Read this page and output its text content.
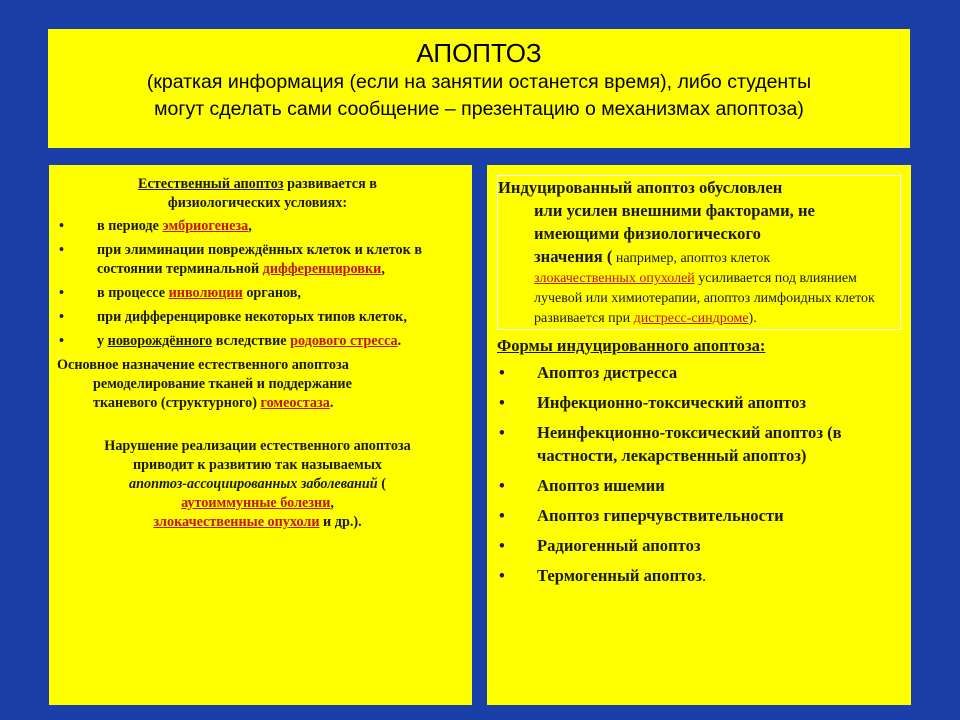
АПОПТОЗ
(краткая информация (если на занятии останется время), либо студенты
могут сделать сами сообщение – презентацию о механизмах апоптоза)

Естественный апоптоз развивается в
физиологических условиях:

•	в периоде эмбриогенеза,
•	при элиминации повреждённых клеток и клеток в состоянии терминальной дифференцировки,
•	в процессе инволюции органов,
•	при дифференцировке некоторых типов клеток,
•	у новорождённого вследствие родового стресса.
Основное назначение естественного апоптоза
ремоделирование тканей и поддержание
тканевого (структурного) гомеостаза.
Нарушение реализации естественного апоптоза
приводит к развитию так называемых
апоптоз-ассоциированных заболеваний (
аутоиммунные болезни,
злокачественные опухоли и др.).
Индуцированный апоптоз обусловлен
или усилен внешними факторами, не
имеющими физиологического
значения ( например, апоптоз клеток
злокачественных опухолей усиливается под влиянием лучевой или химиотерапии, апоптоз лимфоидных клеток развивается при дистресс-синдроме).
Формы индуцированного апоптоза:
•	Апоптоз дистресса
•	Инфекционно-токсический апоптоз
•	Неинфекционно-токсический апоптоз (в частности, лекарственный апоптоз)
•	Апоптоз ишемии
•	Апоптоз гиперчувствительности
•	Радиогенный апоптоз
•	Термогенный апоптоз.
